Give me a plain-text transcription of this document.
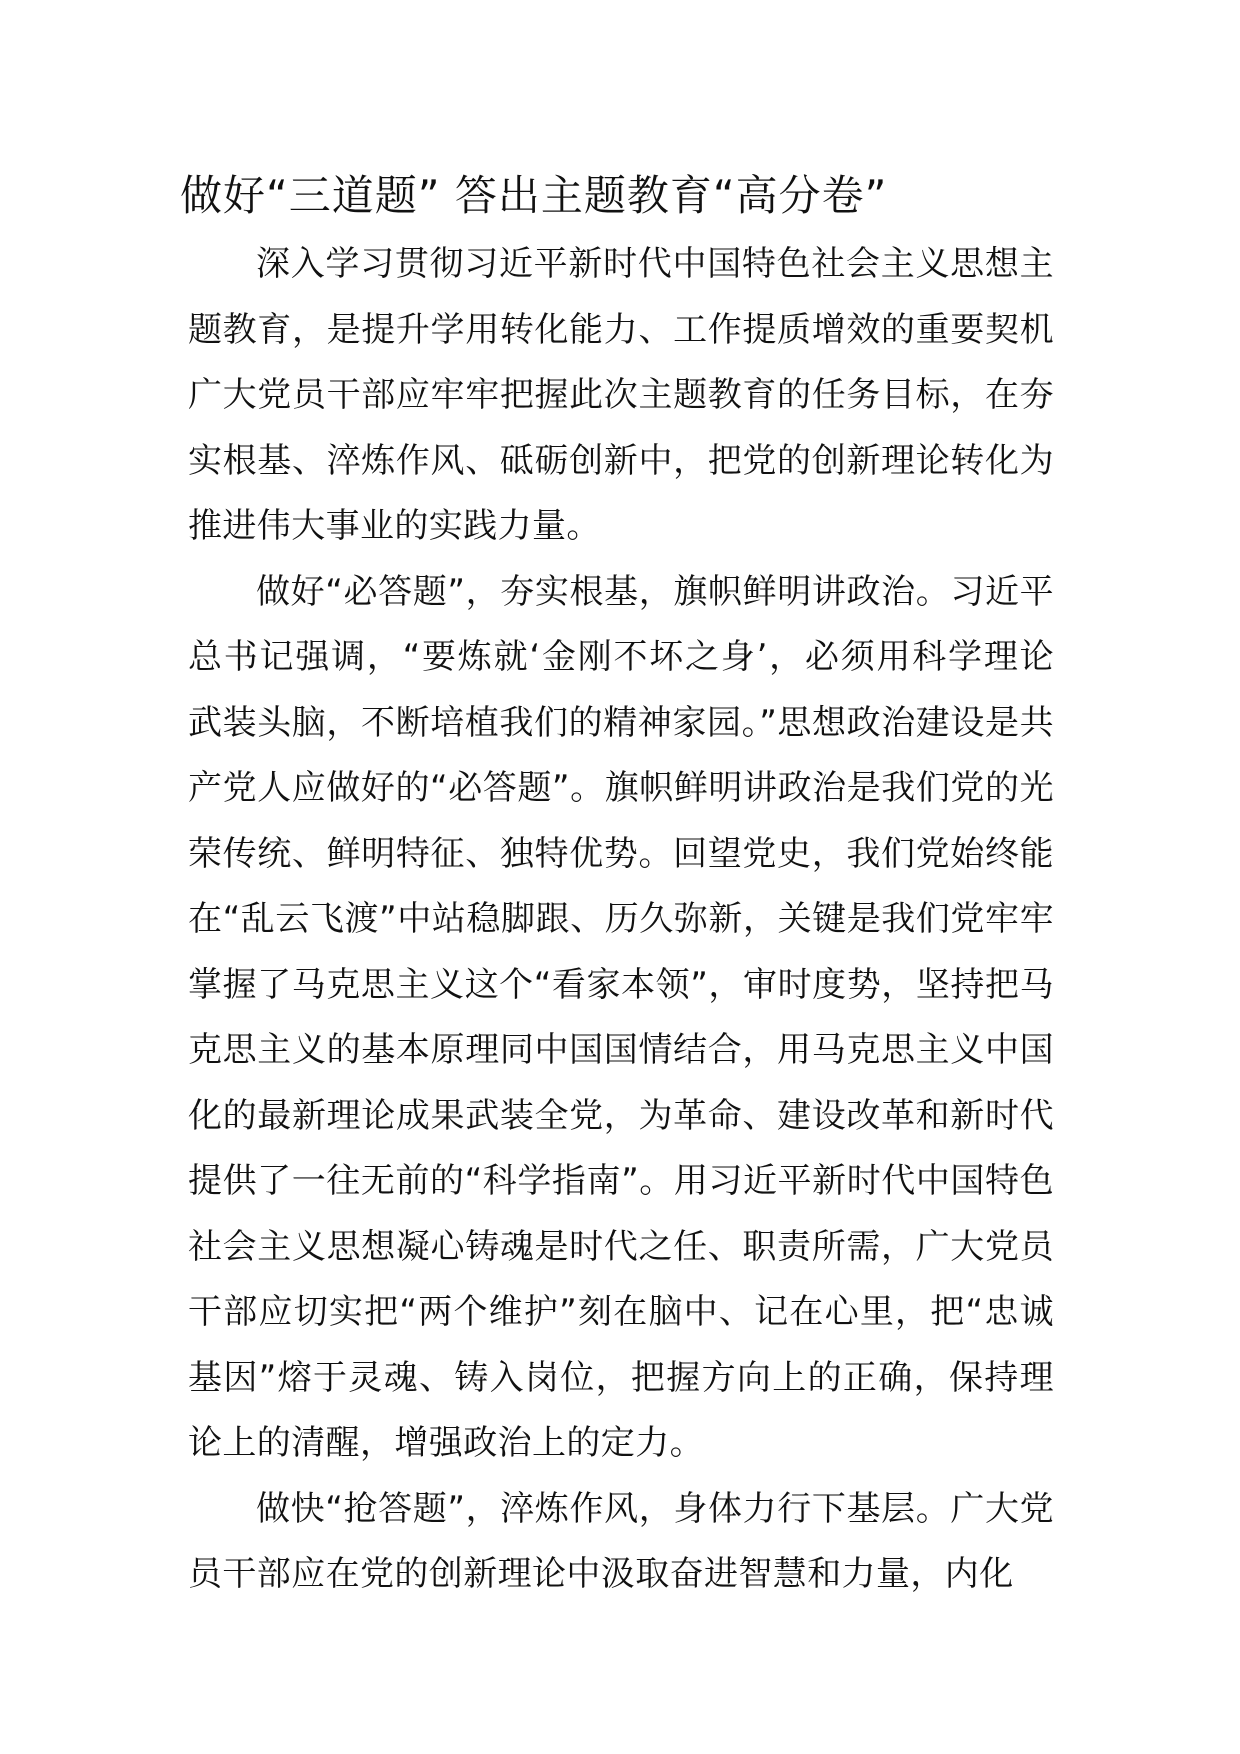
做好“三道题” 答出主题教育“高分卷”

深入学习贯彻习近平新时代中国特色社会主义思想主题教育，是提升学用转化能力、工作提质增效的重要契机广大党员干部应牢牢把握此次主题教育的任务目标，在夯实根基、淬炼作风、砥砺创新中，把党的创新理论转化为推进伟大事业的实践力量。

做好“必答题”，夯实根基，旗帜鲜明讲政治。习近平总书记强调，“要炼就‘金刚不坏之身’，必须用科学理论武装头脑，不断培植我们的精神家园。”思想政治建设是共产党人应做好的“必答题”。旗帜鲜明讲政治是我们党的光荣传统、鲜明特征、独特优势。回望党史，我们党始终能在“乱云飞渡”中站稳脚跟、历久弥新，关键是我们党牢牢掌握了马克思主义这个“看家本领”，审时度势，坚持把马克思主义的基本原理同中国国情结合，用马克思主义中国化的最新理论成果武装全党，为革命、建设改革和新时代提供了一往无前的“科学指南”。用习近平新时代中国特色社会主义思想凝心铸魂是时代之任、职责所需，广大党员干部应切实把“两个维护”刻在脑中、记在心里，把“忠诚基因”熔于灵魂、铸入岗位，把握方向上的正确，保持理论上的清醒，增强政治上的定力。

做快“抢答题”，淬炼作风，身体力行下基层。广大党员干部应在党的创新理论中汲取奋进智慧和力量，内化
